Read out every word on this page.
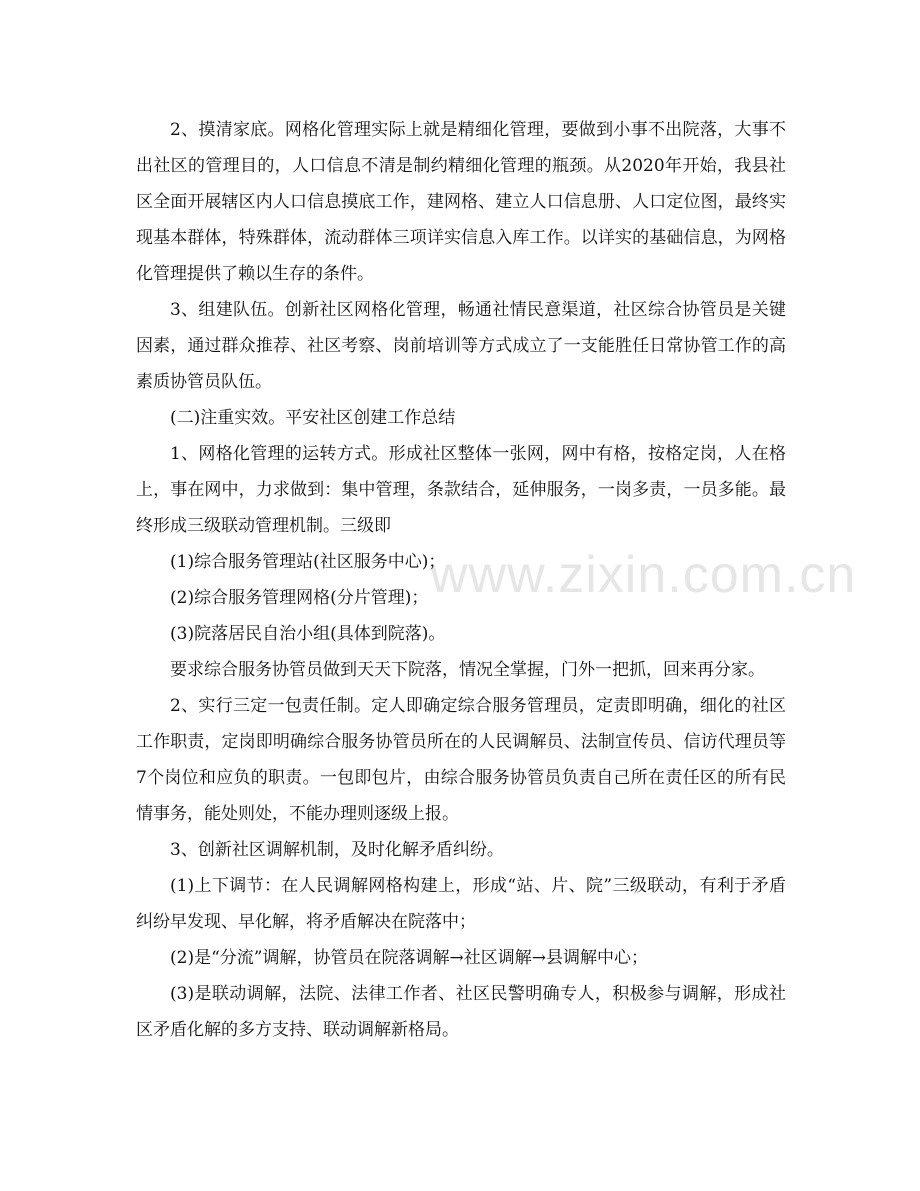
www.zixin.com.cn

2、摸清家底。网格化管理实际上就是精细化管理，要做到小事不出院落，大事不出社区的管理目的，人口信息不清是制约精细化管理的瓶颈。从2020年开始，我县社区全面开展辖区内人口信息摸底工作，建网格、建立人口信息册、人口定位图，最终实现基本群体，特殊群体，流动群体三项详实信息入库工作。以详实的基础信息，为网格化管理提供了赖以生存的条件。

3、组建队伍。创新社区网格化管理，畅通社情民意渠道，社区综合协管员是关键因素，通过群众推荐、社区考察、岗前培训等方式成立了一支能胜任日常协管工作的高素质协管员队伍。

(二)注重实效。平安社区创建工作总结

1、网格化管理的运转方式。形成社区整体一张网，网中有格，按格定岗，人在格上，事在网中，力求做到：集中管理，条款结合，延伸服务，一岗多责，一员多能。最终形成三级联动管理机制。三级即

(1)综合服务管理站(社区服务中心)；

(2)综合服务管理网格(分片管理)；

(3)院落居民自治小组(具体到院落)。

要求综合服务协管员做到天天下院落，情况全掌握，门外一把抓，回来再分家。

2、实行三定一包责任制。定人即确定综合服务管理员，定责即明确，细化的社区工作职责，定岗即明确综合服务协管员所在的人民调解员、法制宣传员、信访代理员等7个岗位和应负的职责。一包即包片，由综合服务协管员负责自己所在责任区的所有民情事务，能处则处，不能办理则逐级上报。

3、创新社区调解机制，及时化解矛盾纠纷。

(1)上下调节：在人民调解网格构建上，形成“站、片、院”三级联动，有利于矛盾纠纷早发现、早化解，将矛盾解决在院落中；

(2)是“分流”调解，协管员在院落调解→社区调解→县调解中心；

(3)是联动调解，法院、法律工作者、社区民警明确专人，积极参与调解，形成社区矛盾化解的多方支持、联动调解新格局。
